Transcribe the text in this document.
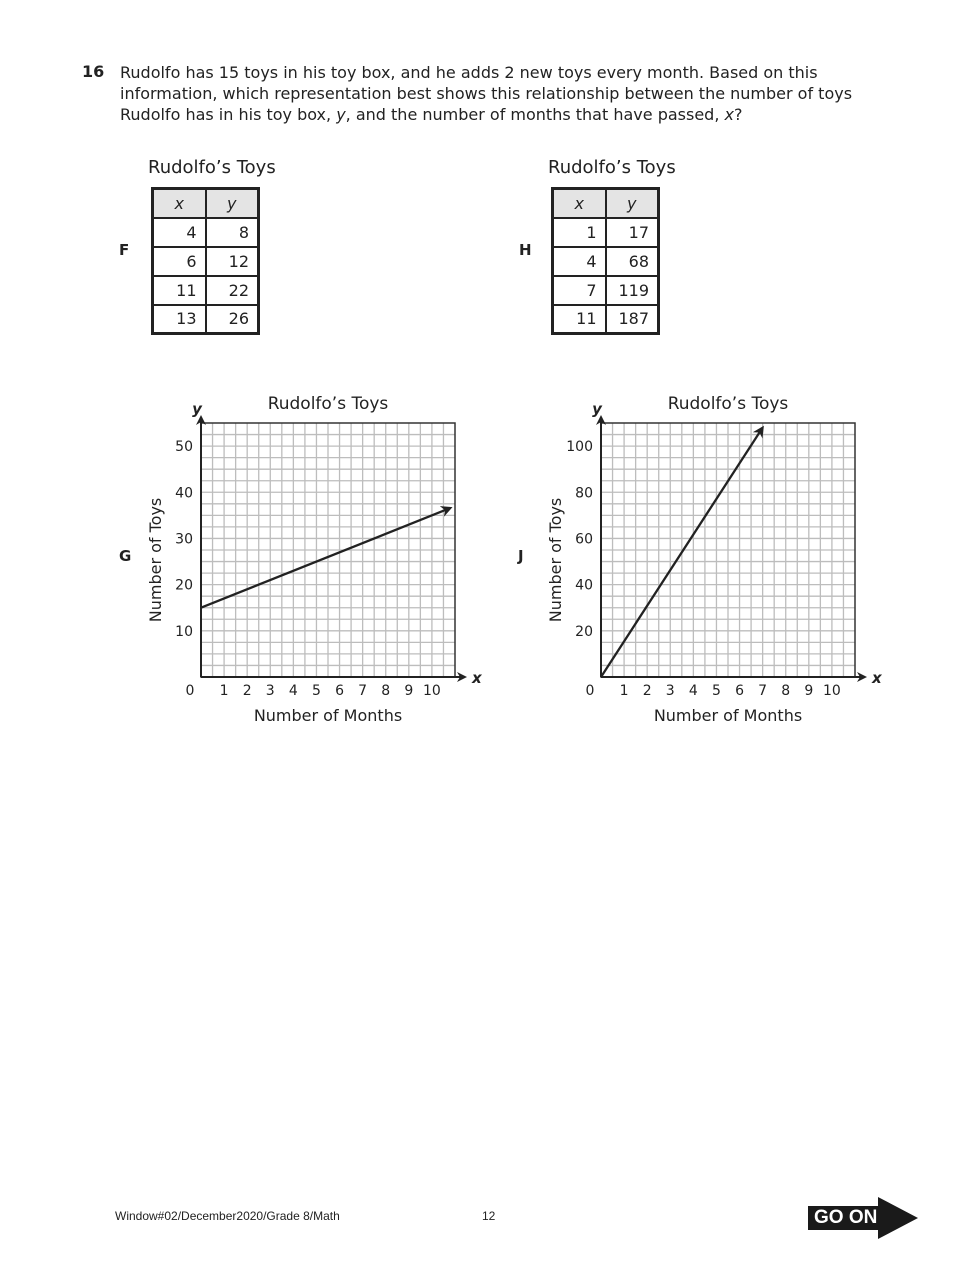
16 Rudolfo has 15 toys in his toy box, and he adds 2 new toys every month. Based on this information, which representation best shows this relationship between the number of toys Rudolfo has in his toy box, y, and the number of months that have passed, x?
F
Rudolfo’s Toys
x	y
4	8
6	12
11	22
13	26
H
Rudolfo’s Toys
x	y
1	17
4	68
7	119
11	187
G
x
y	Rudolfo’s Toys
0 1 2 3 4 5 6 7 8 9 10
10
20
30
40
50
Number of Months
Number of Toys	J
x
y	Rudolfo’s Toys
0 1 2 3 4 5 6 7 8 9 10
20
40
60
80
100
Number of Months
Number of Toys
Window#02/December2020/Grade 8/Math	12	GO ON
